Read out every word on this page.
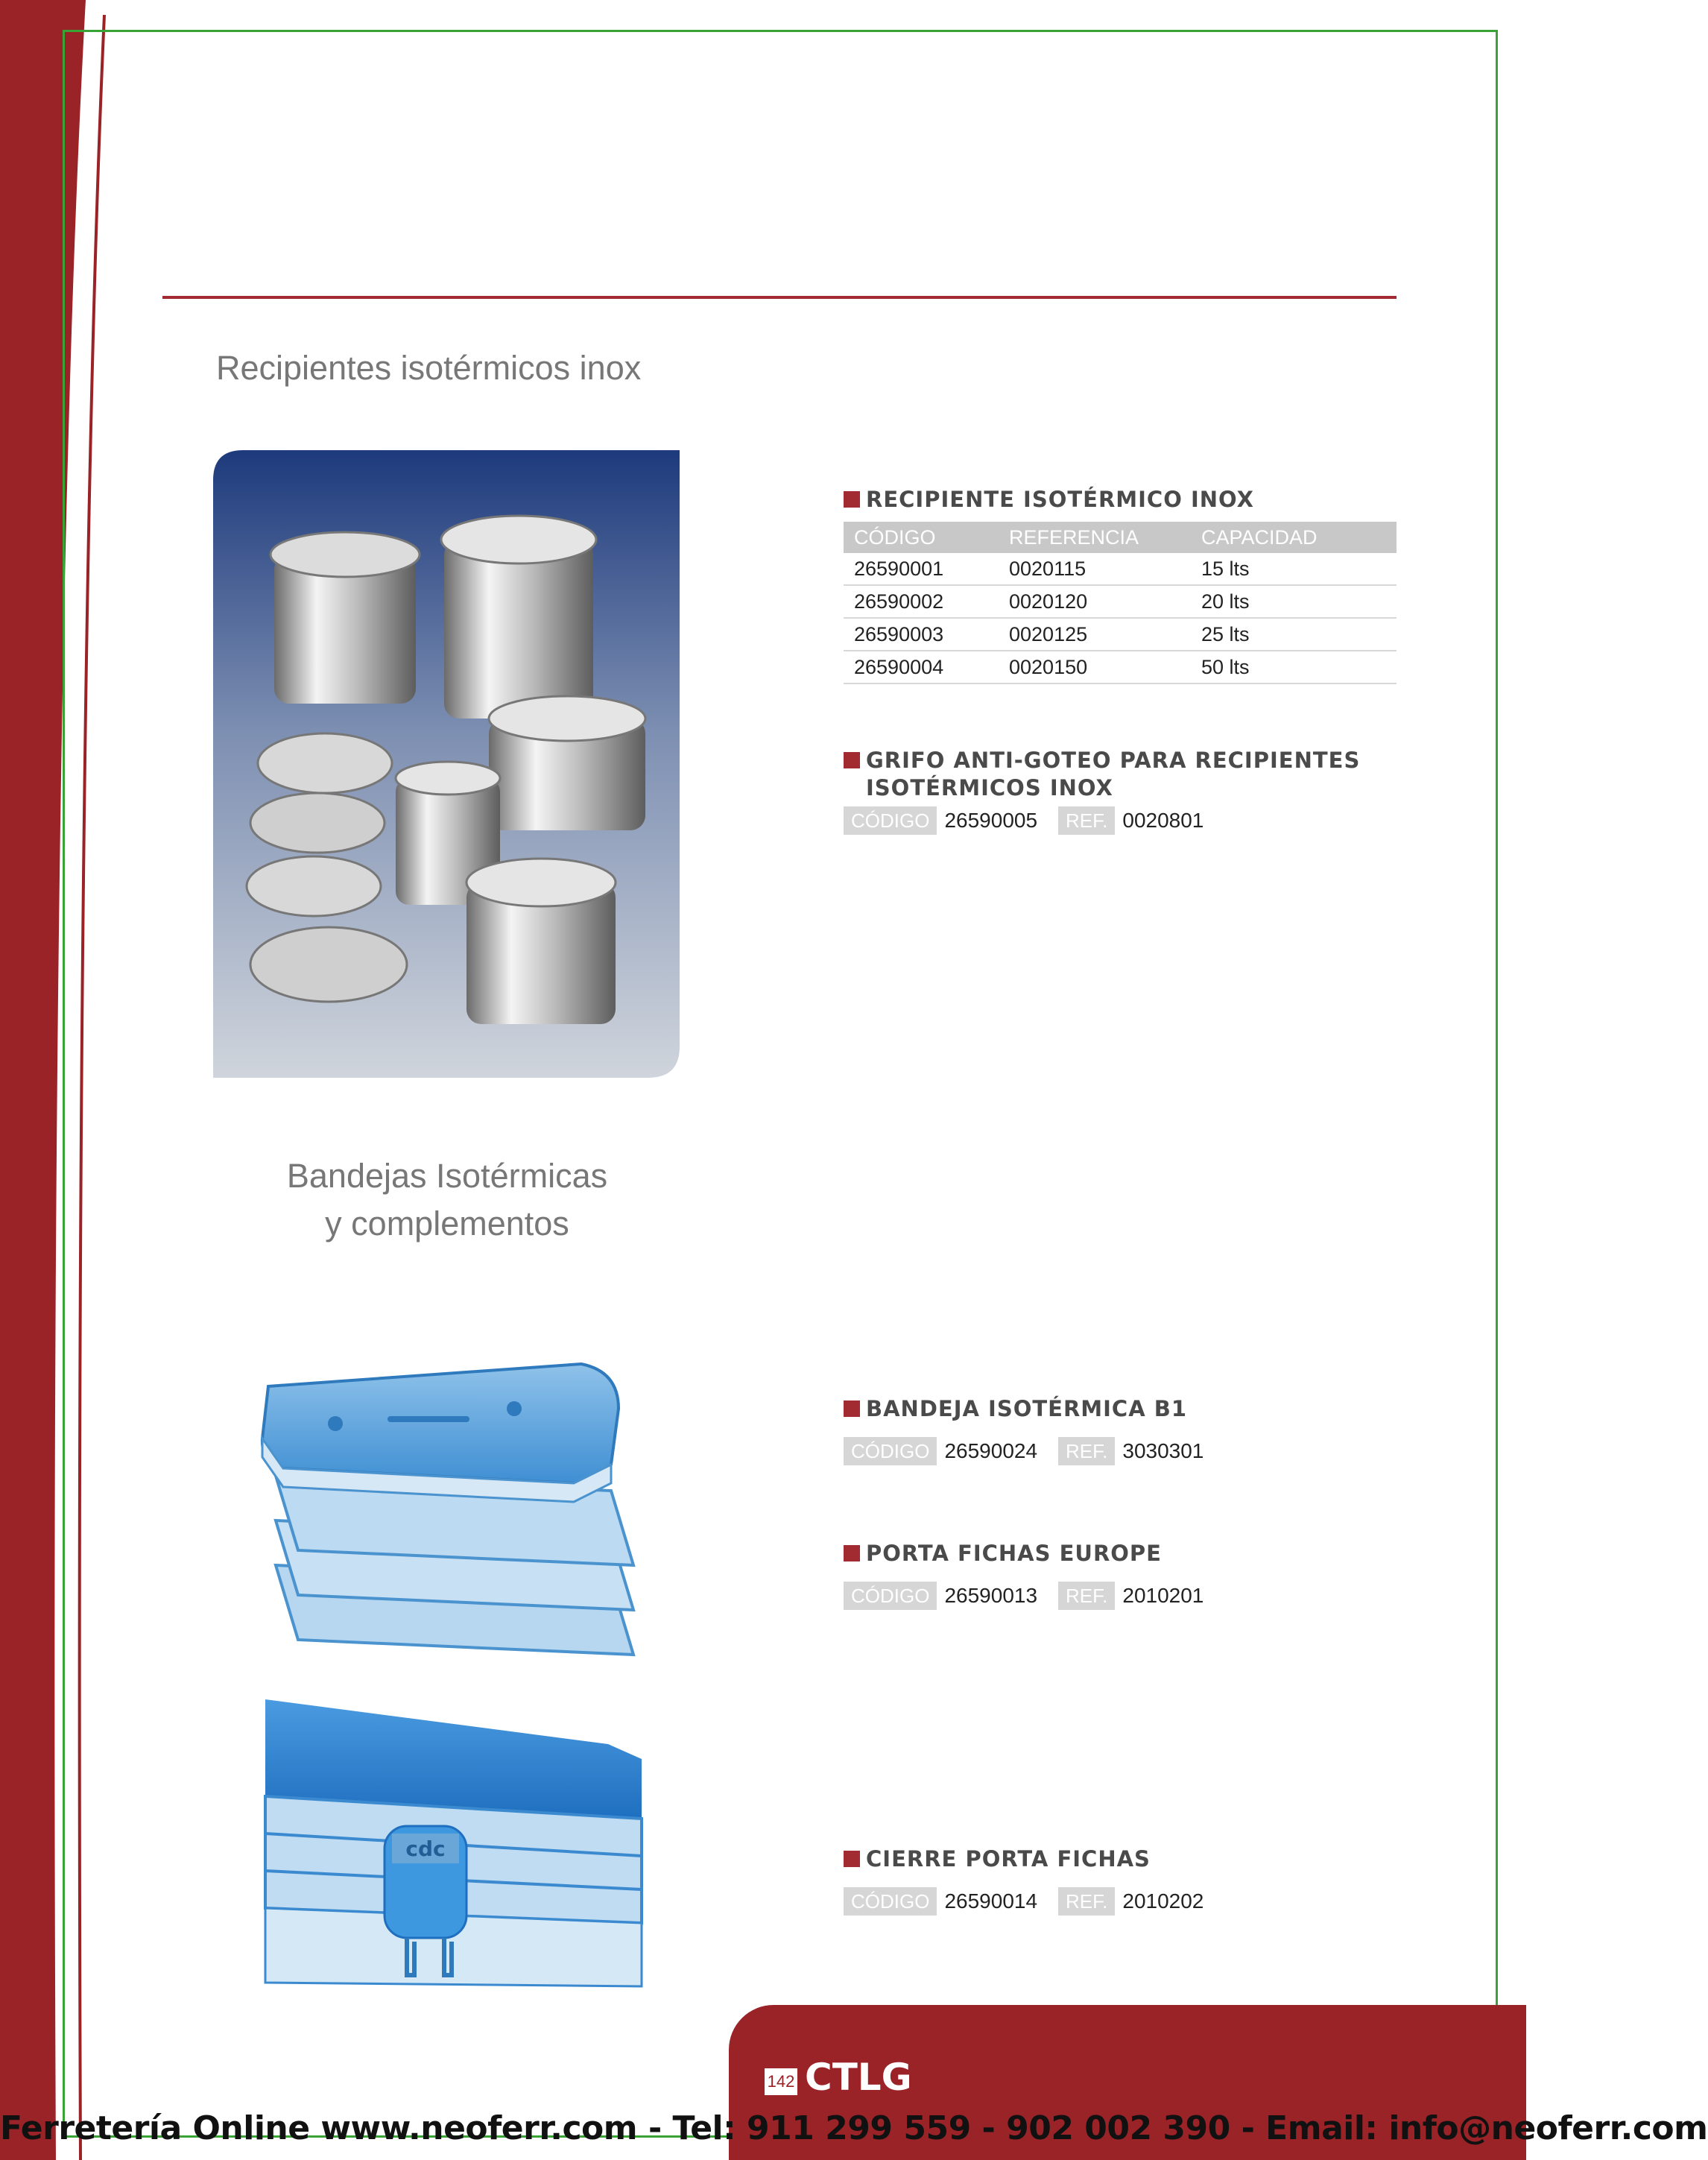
Recipientes isotérmicos inox
RECIPIENTE ISOTÉRMICO INOX
CÓDIGO	REFERENCIA	CAPACIDAD
26590001	0020115	15 lts
26590002	0020120	20 lts
26590003	0020125	25 lts
26590004	0020150	50 lts
GRIFO ANTI-GOTEO PARA RECIPIENTES
ISOTÉRMICOS INOX
CÓDIGO 26590005	REF. 0020801
Bandejas Isotérmicas
y complementos
BANDEJA ISOTÉRMICA B1
CÓDIGO 26590024	REF. 3030301
PORTA FICHAS EUROPE
CÓDIGO 26590013	REF. 2010201
cdc	CIERRE PORTA FICHAS
CÓDIGO 26590014	REF. 2010202
142 CTLG
Ferretería Online www.neoferr.com - Tel: 911 299 559 - 902 002 390 - Email: info@neoferr.com
